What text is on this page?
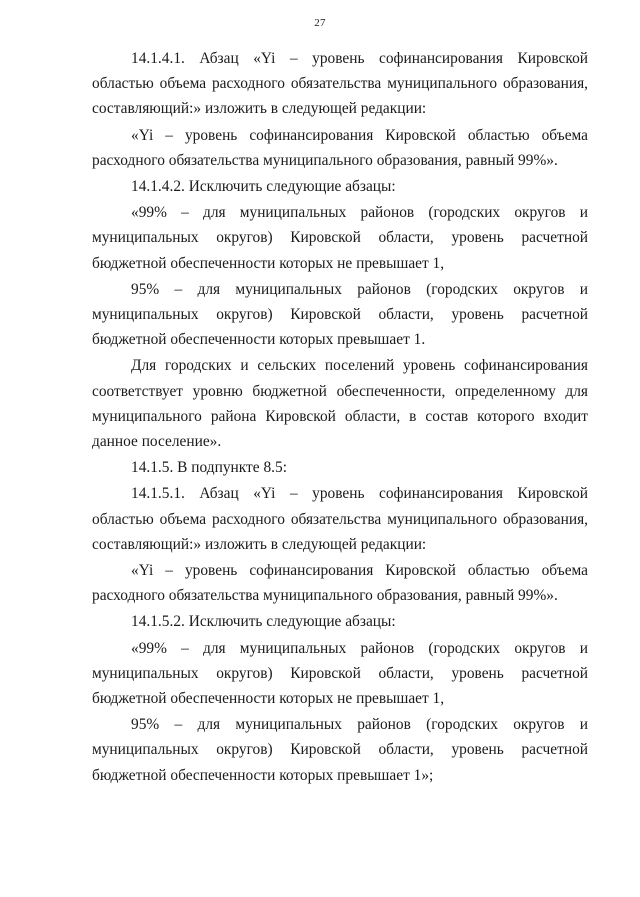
27

14.1.4.1. Абзац «Yi – уровень софинансирования Кировской областью объема расходного обязательства муниципального образования, составляющий:» изложить в следующей редакции:

«Yi – уровень софинансирования Кировской областью объема расходного обязательства муниципального образования, равный 99%».

14.1.4.2. Исключить следующие абзацы:

«99% – для муниципальных районов (городских округов и муниципальных округов) Кировской области, уровень расчетной бюджетной обеспеченности которых не превышает 1,

95% – для муниципальных районов (городских округов и муниципальных округов) Кировской области, уровень расчетной бюджетной обеспеченности которых превышает 1.

Для городских и сельских поселений уровень софинансирования соответствует уровню бюджетной обеспеченности, определенному для муниципального района Кировской области, в состав которого входит данное поселение».

14.1.5. В подпункте 8.5:

14.1.5.1. Абзац «Yi – уровень софинансирования Кировской областью объема расходного обязательства муниципального образования, составляющий:» изложить в следующей редакции:

«Yi – уровень софинансирования Кировской областью объема расходного обязательства муниципального образования, равный 99%».

14.1.5.2. Исключить следующие абзацы:

«99% – для муниципальных районов (городских округов и муниципальных округов) Кировской области, уровень расчетной бюджетной обеспеченности которых не превышает 1,

95% – для муниципальных районов (городских округов и муниципальных округов) Кировской области, уровень расчетной бюджетной обеспеченности которых превышает 1»;
